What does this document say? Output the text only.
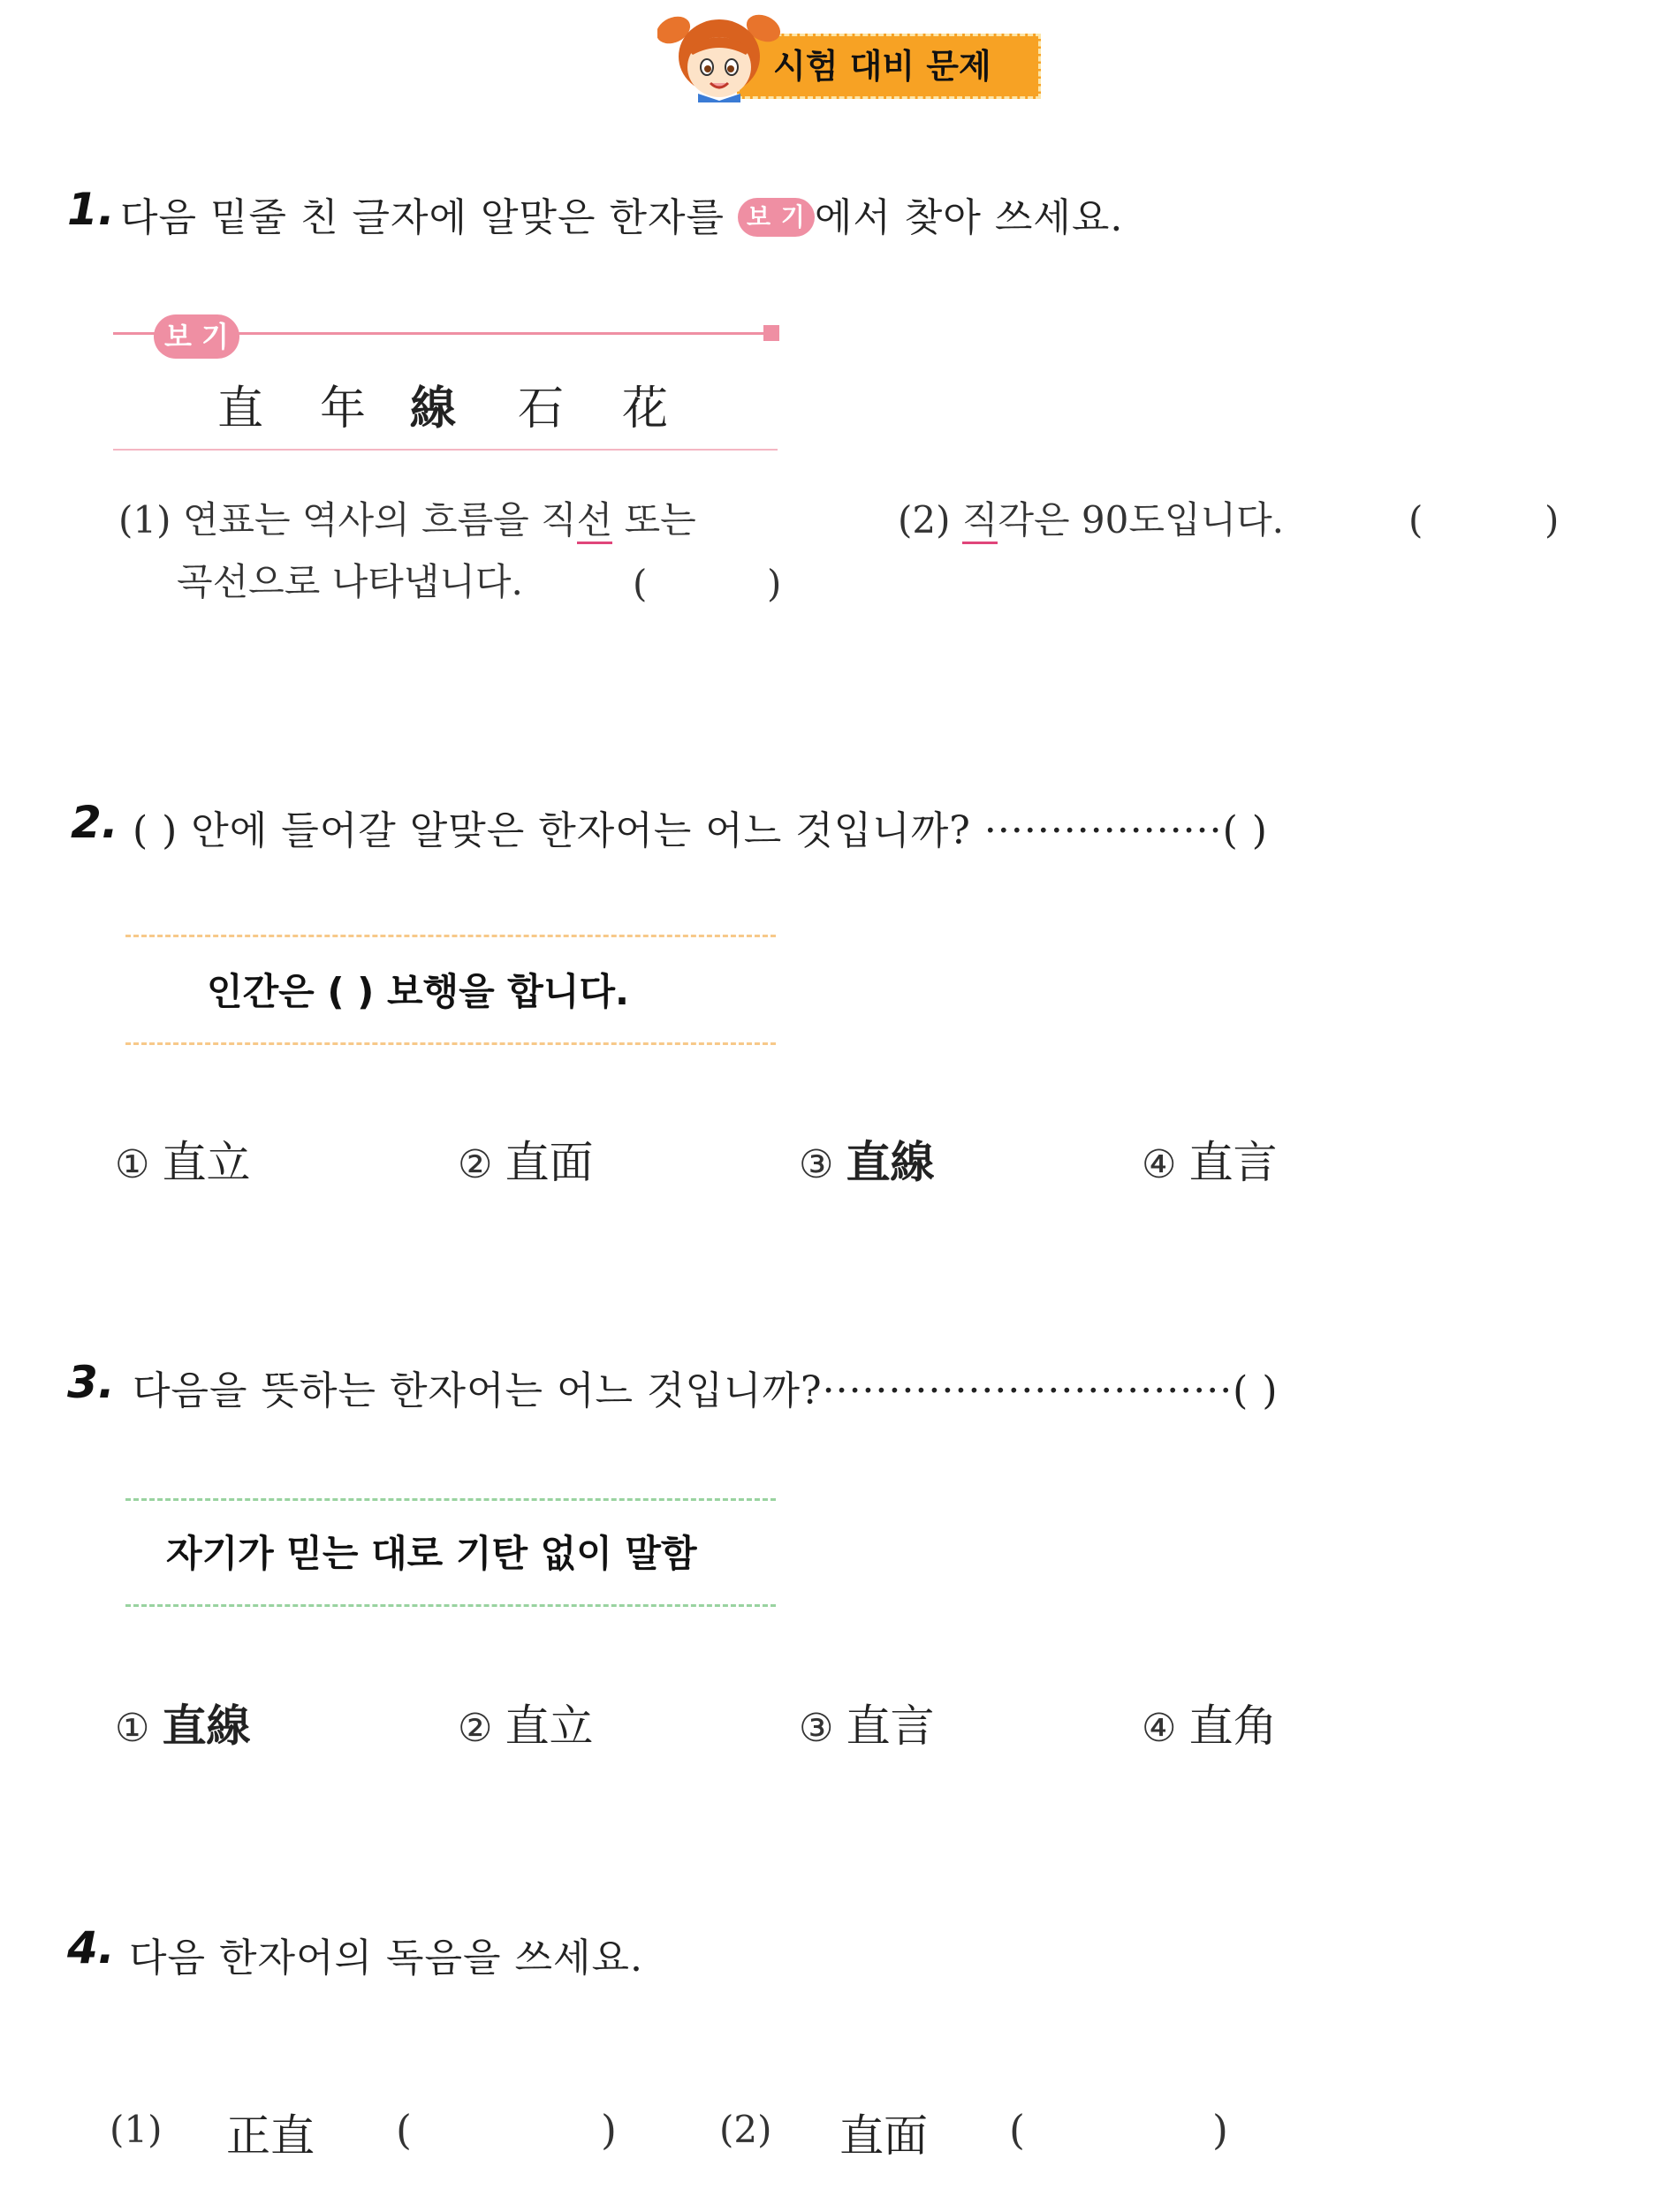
시험 대비 문제
1. 다음 밑줄 친 글자에 알맞은 한자를 보 기 에서 찾아 쓰세요.
보 기
直 年 線 石 花
(1) 연표는 역사의 흐름을 직선 또는
곡선으로 나타냅니다.	(	)
(2) 직각은 90도입니다.	(	)
2. ( ) 안에 들어갈 알맞은 한자어는 어느 것입니까? ··················( )
인간은 ( ) 보행을 합니다.
① 直立	② 直面	③ 直線	④ 直言
3. 다음을 뜻하는 한자어는 어느 것입니까?·······························( )
자기가 믿는 대로 기탄 없이 말함
① 直線	② 直立	③ 直言	④ 直角
4. 다음 한자어의 독음을 쓰세요.
(1) 正直 (	)	(2) 直面 (	)
